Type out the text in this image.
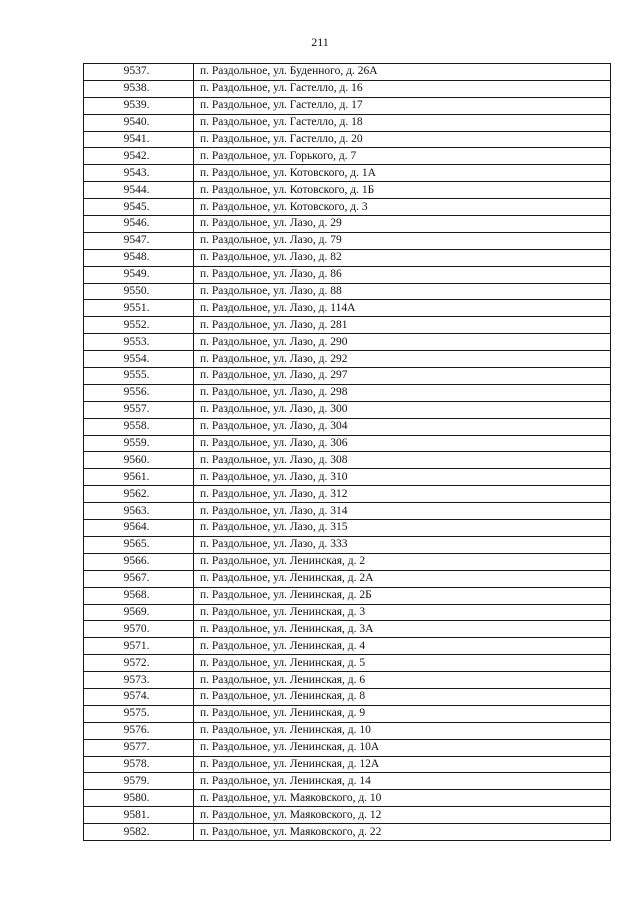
211
9537.	п. Раздольное, ул. Буденного, д. 26А
9538.	п. Раздольное, ул. Гастелло, д. 16
9539.	п. Раздольное, ул. Гастелло, д. 17
9540.	п. Раздольное, ул. Гастелло, д. 18
9541.	п. Раздольное, ул. Гастелло, д. 20
9542.	п. Раздольное, ул. Горького, д. 7
9543.	п. Раздольное, ул. Котовского, д. 1А
9544.	п. Раздольное, ул. Котовского, д. 1Б
9545.	п. Раздольное, ул. Котовского, д. 3
9546.	п. Раздольное, ул. Лазо, д. 29
9547.	п. Раздольное, ул. Лазо, д. 79
9548.	п. Раздольное, ул. Лазо, д. 82
9549.	п. Раздольное, ул. Лазо, д. 86
9550.	п. Раздольное, ул. Лазо, д. 88
9551.	п. Раздольное, ул. Лазо, д. 114А
9552.	п. Раздольное, ул. Лазо, д. 281
9553.	п. Раздольное, ул. Лазо, д. 290
9554.	п. Раздольное, ул. Лазо, д. 292
9555.	п. Раздольное, ул. Лазо, д. 297
9556.	п. Раздольное, ул. Лазо, д. 298
9557.	п. Раздольное, ул. Лазо, д. 300
9558.	п. Раздольное, ул. Лазо, д. 304
9559.	п. Раздольное, ул. Лазо, д. 306
9560.	п. Раздольное, ул. Лазо, д. 308
9561.	п. Раздольное, ул. Лазо, д. 310
9562.	п. Раздольное, ул. Лазо, д. 312
9563.	п. Раздольное, ул. Лазо, д. 314
9564.	п. Раздольное, ул. Лазо, д. 315
9565.	п. Раздольное, ул. Лазо, д. 333
9566.	п. Раздольное, ул. Ленинская, д. 2
9567.	п. Раздольное, ул. Ленинская, д. 2А
9568.	п. Раздольное, ул. Ленинская, д. 2Б
9569.	п. Раздольное, ул. Ленинская, д. 3
9570.	п. Раздольное, ул. Ленинская, д. 3А
9571.	п. Раздольное, ул. Ленинская, д. 4
9572.	п. Раздольное, ул. Ленинская, д. 5
9573.	п. Раздольное, ул. Ленинская, д. 6
9574.	п. Раздольное, ул. Ленинская, д. 8
9575.	п. Раздольное, ул. Ленинская, д. 9
9576.	п. Раздольное, ул. Ленинская, д. 10
9577.	п. Раздольное, ул. Ленинская, д. 10А
9578.	п. Раздольное, ул. Ленинская, д. 12А
9579.	п. Раздольное, ул. Ленинская, д. 14
9580.	п. Раздольное, ул. Маяковского, д. 10
9581.	п. Раздольное, ул. Маяковского, д. 12
9582.	п. Раздольное, ул. Маяковского, д. 22
